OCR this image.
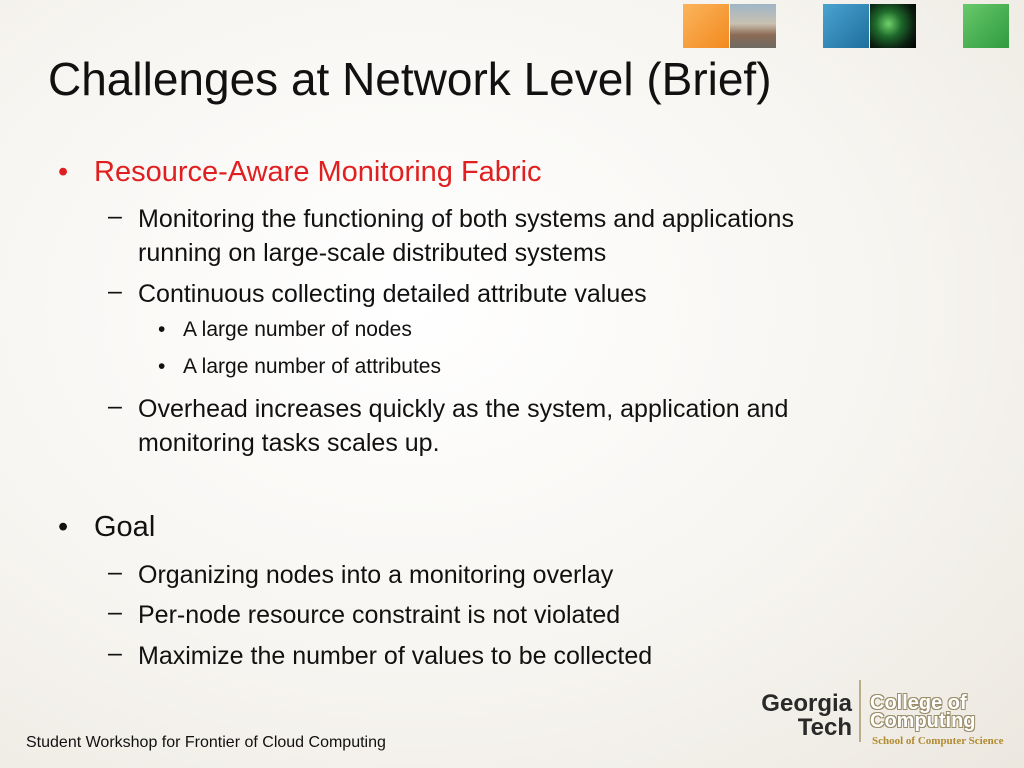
Challenges at Network Level (Brief)
• Resource-Aware Monitoring Fabric
– Monitoring the functioning of both systems and applications
running on large-scale distributed systems
– Continuous collecting detailed attribute values
• A large number of nodes
• A large number of attributes
– Overhead increases quickly as the system, application and
monitoring tasks scales up.
• Goal
– Organizing nodes into a monitoring overlay
– Per-node resource constraint is not violated
– Maximize the number of values to be collected
Student Workshop for Frontier of Cloud Computing
Georgia
Tech
College of
Computing
School of Computer Science
